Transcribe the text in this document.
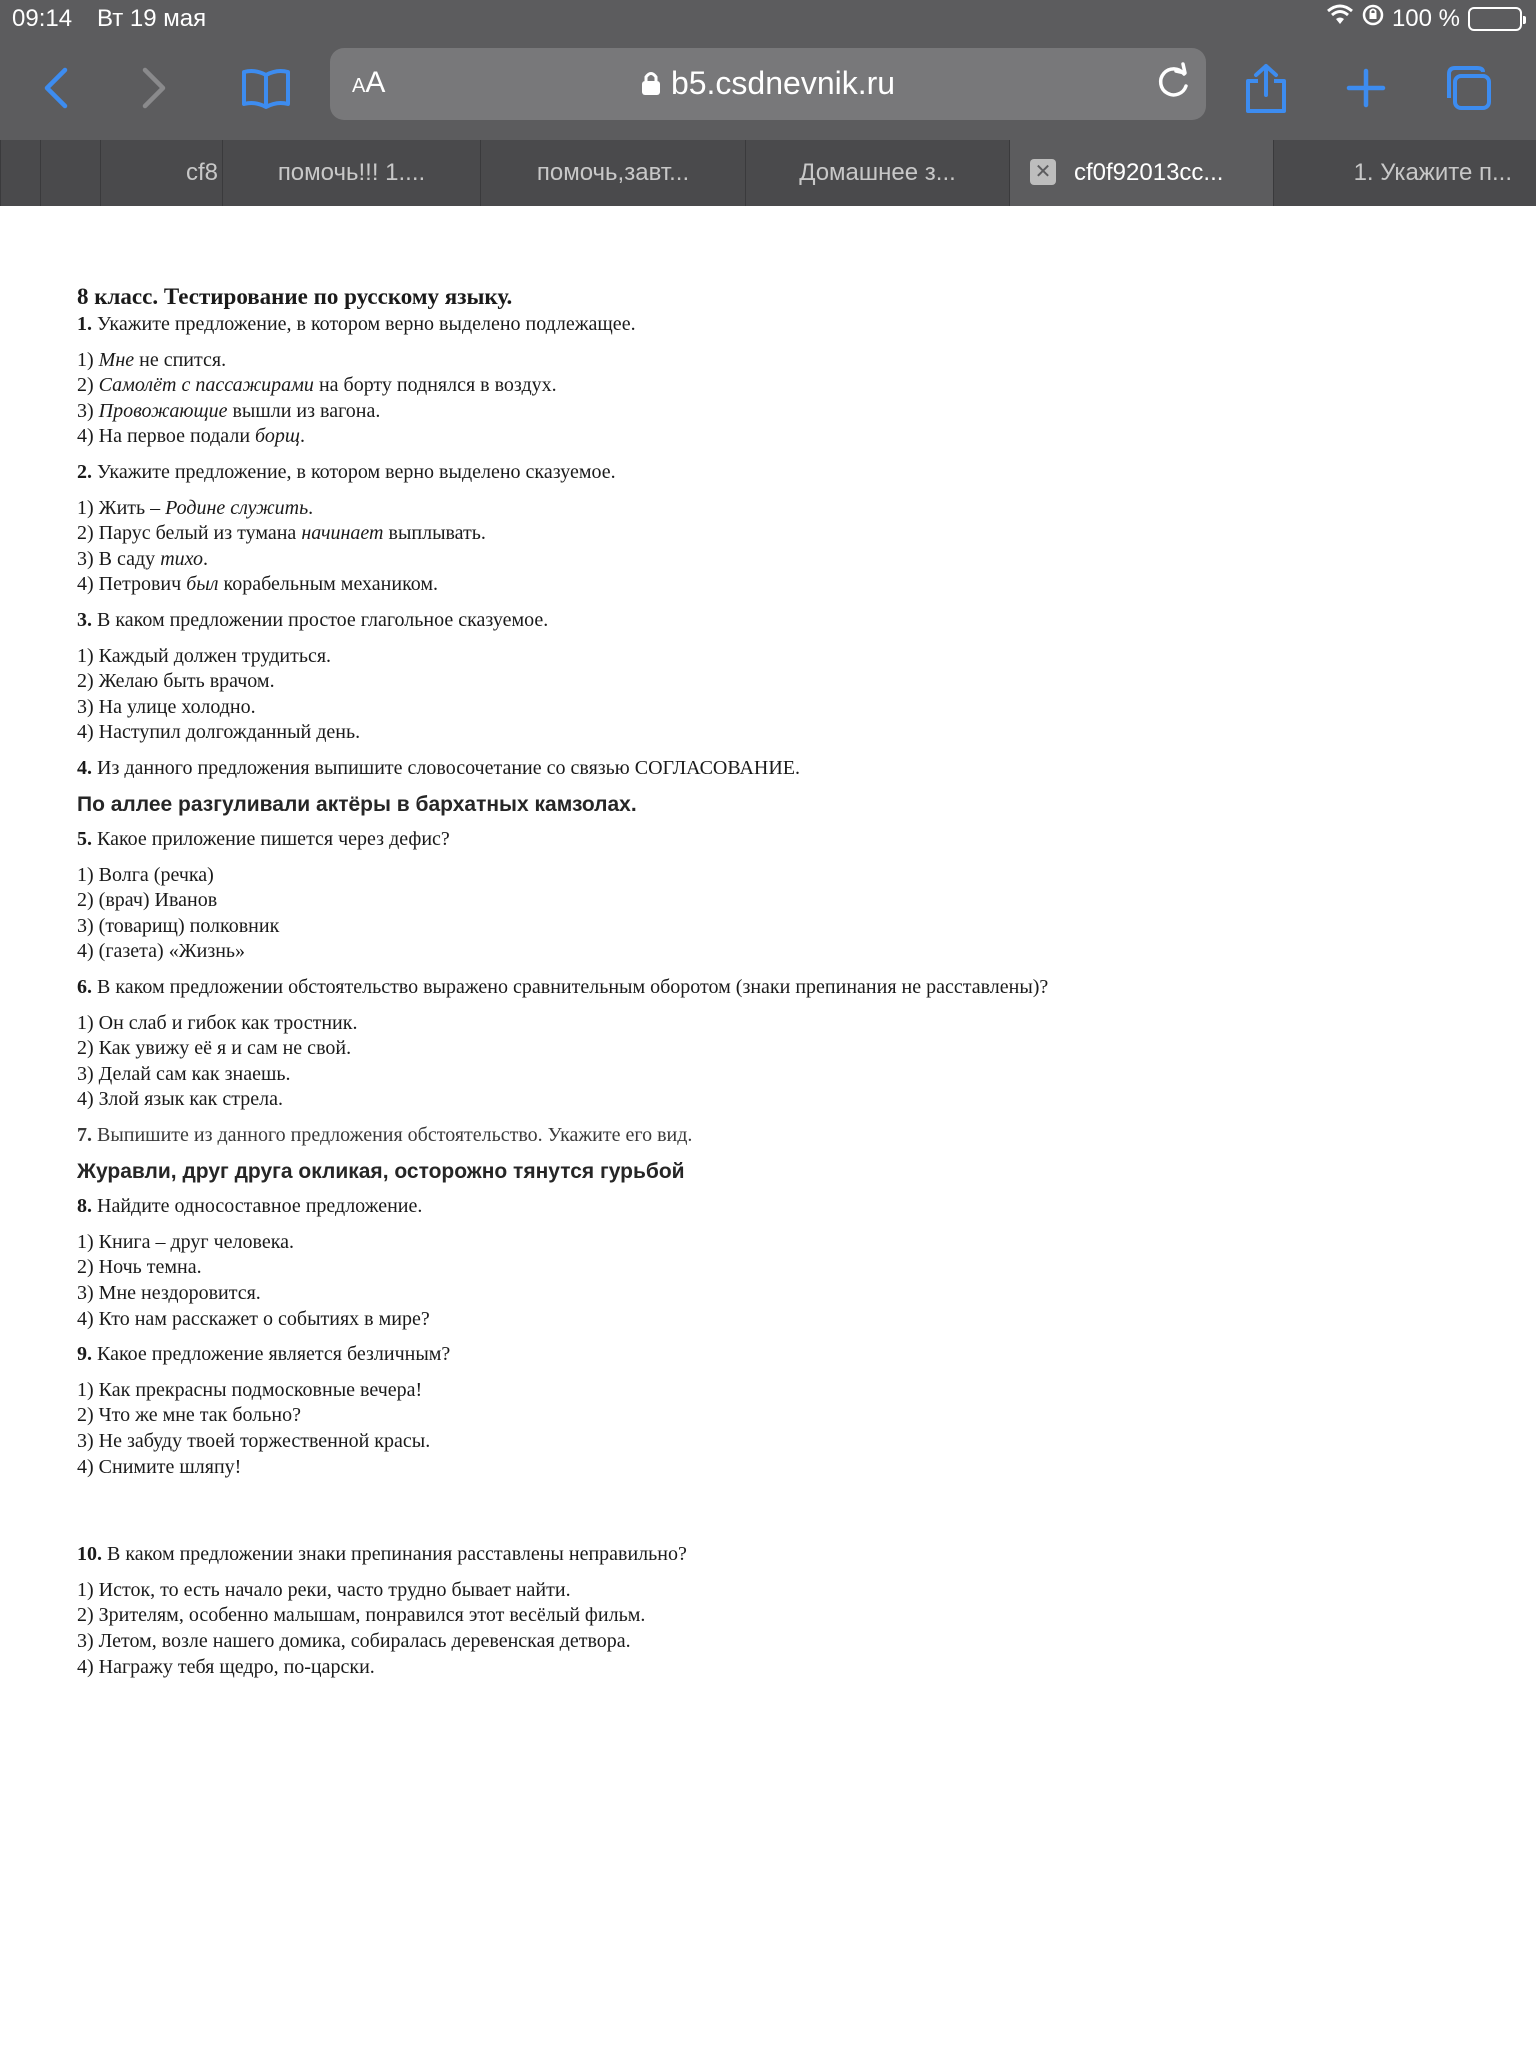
09:14 Вт 19 мая	100 %
AA	b5.csdnevnik.ru
cf8	помочь!!! 1....	помочь,завт...	Домашнее з...	✕ cf0f92013cc...	1. Укажите п...

8 класс. Тестирование по русскому языку.

1. Укажите предложение, в котором верно выделено подлежащее.

1) Мне не спится.

2) Самолёт с пассажирами на борту поднялся в воздух.

3) Провожающие вышли из вагона.

4) На первое подали борщ.

2. Укажите предложение, в котором верно выделено сказуемое.

1) Жить – Родине служить.

2) Парус белый из тумана начинает выплывать.

3) В саду тихо.

4) Петрович был корабельным механиком.

3. В каком предложении простое глагольное сказуемое.

1) Каждый должен трудиться.

2) Желаю быть врачом.

3) На улице холодно.

4) Наступил долгожданный день.

4. Из данного предложения выпишите словосочетание со связью СОГЛАСОВАНИЕ.

По аллее разгуливали актёры в бархатных камзолах.

5. Какое приложение пишется через дефис?

1) Волга (речка)

2) (врач) Иванов

3) (товарищ) полковник

4) (газета) «Жизнь»

6. В каком предложении обстоятельство выражено сравнительным оборотом (знаки препинания не расставлены)?

1) Он слаб и гибок как тростник.

2) Как увижу её я и сам не свой.

3) Делай сам как знаешь.

4) Злой язык как стрела.

7. Выпишите из данного предложения обстоятельство. Укажите его вид.

Журавли, друг друга окликая, осторожно тянутся гурьбой

8. Найдите односоставное предложение.

1) Книга – друг человека.

2) Ночь темна.

3) Мне нездоровится.

4) Кто нам расскажет о событиях в мире?

9. Какое предложение является безличным?

1) Как прекрасны подмосковные вечера!

2) Что же мне так больно?

3) Не забуду твоей торжественной красы.

4) Снимите шляпу!

10. В каком предложении знаки препинания расставлены неправильно?

1) Исток, то есть начало реки, часто трудно бывает найти.

2) Зрителям, особенно малышам, понравился этот весёлый фильм.

3) Летом, возле нашего домика, собиралась деревенская детвора.

4) Награжу тебя щедро, по-царски.
